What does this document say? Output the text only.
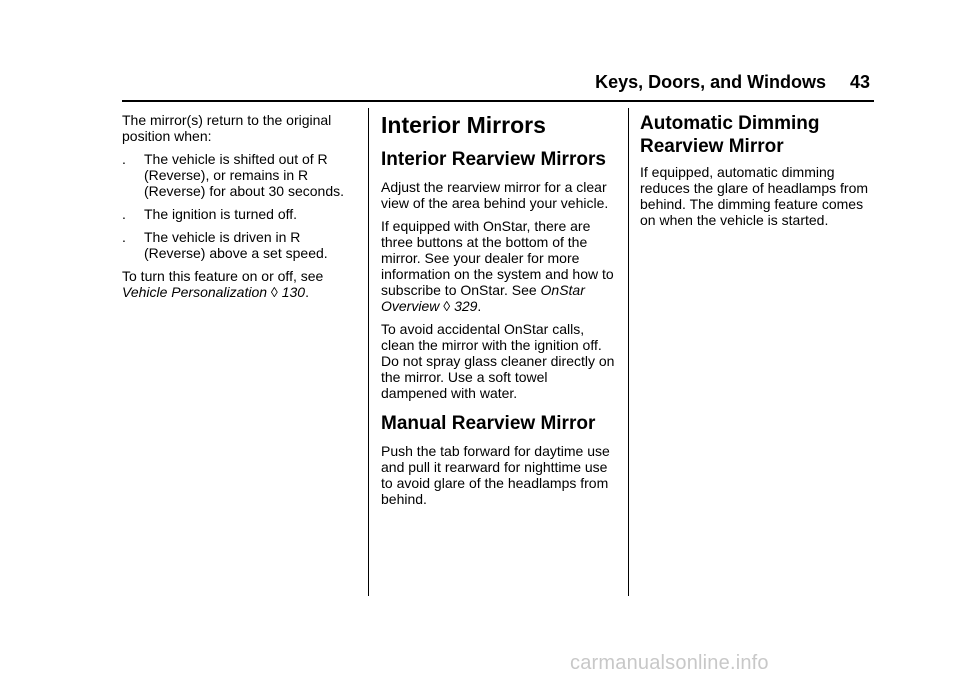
Keys, Doors, and Windows 43

The mirror(s) return to the original position when:

.	The vehicle is shifted out of R (Reverse), or remains in R (Reverse) for about 30 seconds.
.	The ignition is turned off.
.	The vehicle is driven in R (Reverse) above a set speed.

To turn this feature on or off, see Vehicle Personalization ◊ 130.

Interior Mirrors
Interior Rearview Mirrors

Adjust the rearview mirror for a clear view of the area behind your vehicle.

If equipped with OnStar, there are three buttons at the bottom of the mirror. See your dealer for more information on the system and how to subscribe to OnStar. See OnStar Overview ◊ 329.

To avoid accidental OnStar calls, clean the mirror with the ignition off. Do not spray glass cleaner directly on the mirror. Use a soft towel dampened with water.

Manual Rearview Mirror

Push the tab forward for daytime use and pull it rearward for nighttime use to avoid glare of the headlamps from behind.

Automatic Dimming Rearview Mirror

If equipped, automatic dimming reduces the glare of headlamps from behind. The dimming feature comes on when the vehicle is started.

carmanualsonline.info
